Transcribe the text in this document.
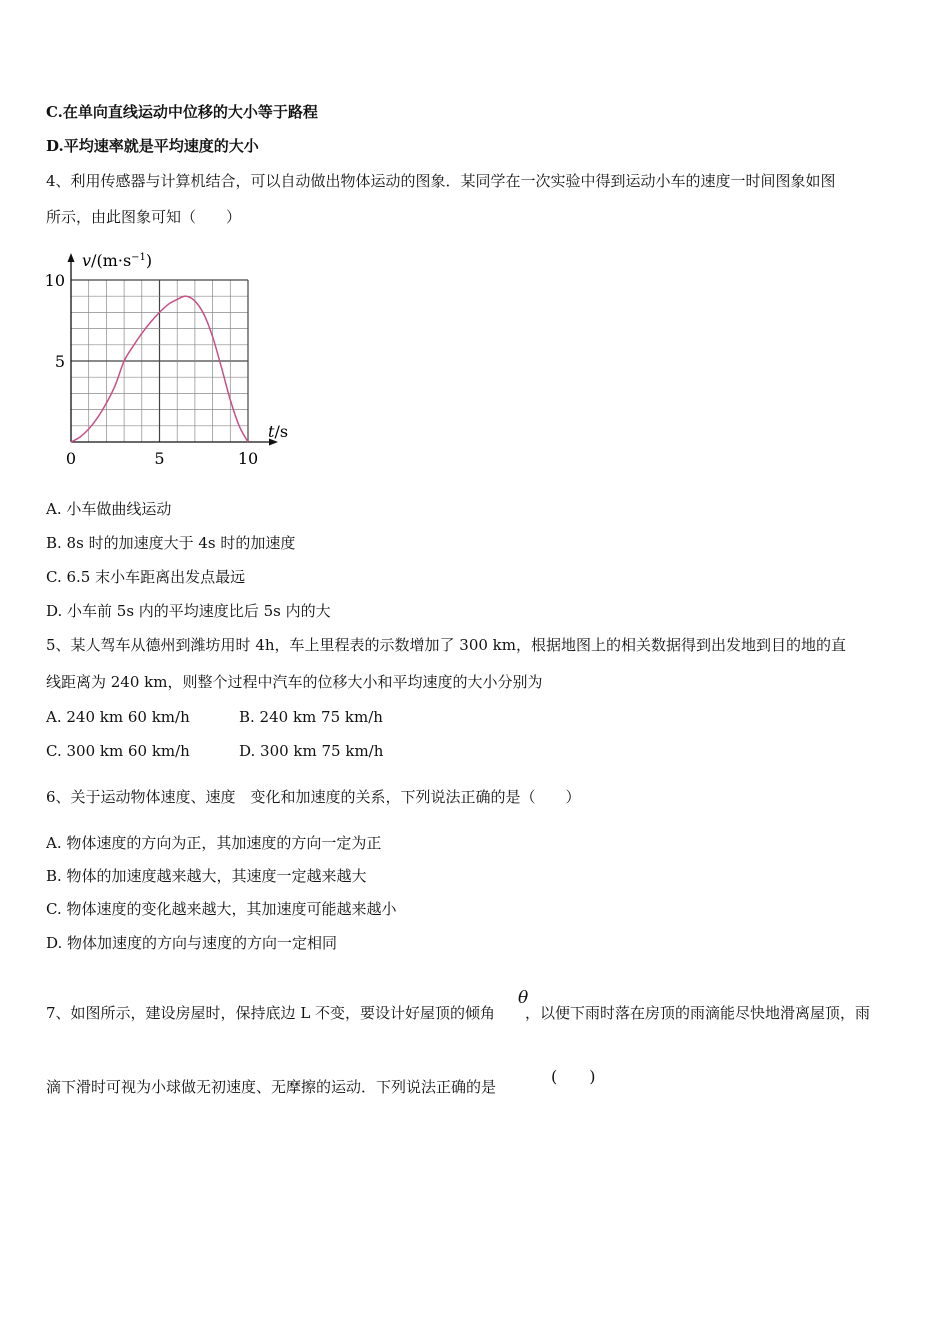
C.在单向直线运动中位移的大小等于路程
D.平均速率就是平均速度的大小
4、利用传感器与计算机结合，可以自动做出物体运动的图象．某同学在一次实验中得到运动小车的速度一时间图象如图
所示，由此图象可知（　　）
$v/(m\cdot s^{-1})$
t/s
0	5	10
5
10
A. 小车做曲线运动
B. 8s 时的加速度大于 4s 时的加速度
C. 6.5 末小车距离出发点最远
D. 小车前 5s 内的平均速度比后 5s 内的大
5、某人驾车从德州到潍坊用时 4h，车上里程表的示数增加了 300 km，根据地图上的相关数据得到出发地到目的地的直
线距离为 240 km，则整个过程中汽车的位移大小和平均速度的大小分别为
A. 240 km 60 km/h	B. 240 km 75 km/h
C. 300 km 60 km/h	D. 300 km 75 km/h
6、关于运动物体速度、速度　变化和加速度的关系，下列说法正确的是（　　）
A. 物体速度的方向为正，其加速度的方向一定为正
B. 物体的加速度越来越大，其速度一定越来越大
C. 物体速度的变化越来越大，其加速度可能越来越小
D. 物体加速度的方向与速度的方向一定相同
7、如图所示，建设房屋时，保持底边 L 不变，要设计好屋顶的倾角　　，以便下雨时落在房顶的雨滴能尽快地滑离屋顶，雨
θ
滴下滑时可视为小球做无初速度、无摩擦的运动．下列说法正确的是
(　　)
